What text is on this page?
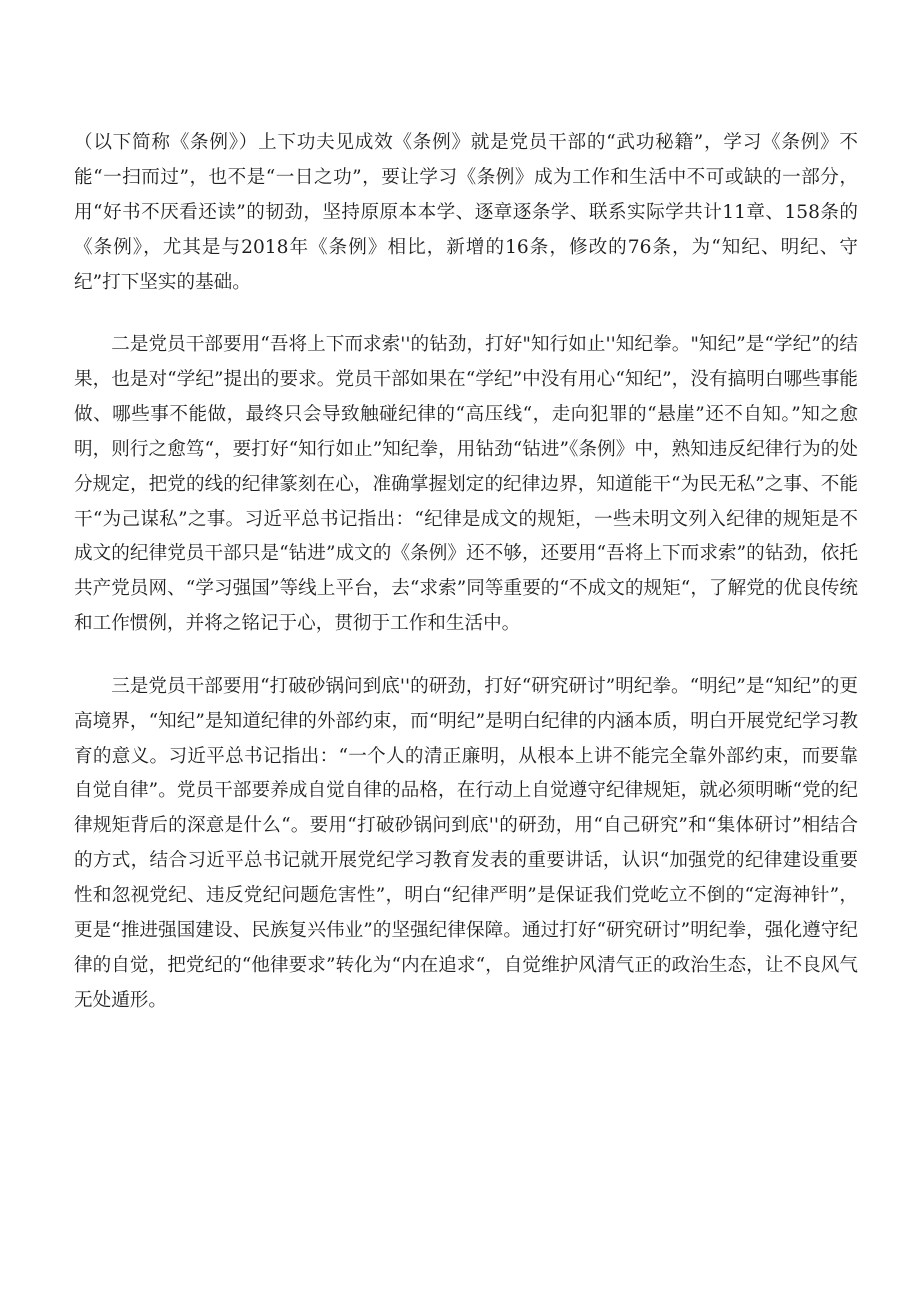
（以下简称《条例》）上下功夫见成效《条例》就是党员干部的“武功秘籍”，学习《条例》不能“一扫而过”，也不是“一日之功”，要让学习《条例》成为工作和生活中不可或缺的一部分，用“好书不厌看还读”的韧劲，坚持原原本本学、逐章逐条学、联系实际学共计11章、158条的《条例》，尤其是与2018年《条例》相比，新增的16条，修改的76条，为“知纪、明纪、守纪”打下坚实的基础。

二是党员干部要用“吾将上下而求索''的钻劲，打好"知行如止''知纪拳。"知纪”是“学纪”的结果，也是对“学纪”提出的要求。党员干部如果在“学纪”中没有用心“知纪”，没有搞明白哪些事能做、哪些事不能做，最终只会导致触碰纪律的“高压线“，走向犯罪的“悬崖”还不自知。”知之愈明，则行之愈笃“，要打好“知行如止”知纪拳，用钻劲“钻进”《条例》中，熟知违反纪律行为的处分规定，把党的线的纪律篆刻在心，准确掌握划定的纪律边界，知道能干“为民无私”之事、不能干“为己谋私”之事。习近平总书记指出：“纪律是成文的规矩，一些未明文列入纪律的规矩是不成文的纪律党员干部只是“钻进”成文的《条例》还不够，还要用“吾将上下而求索”的钻劲，依托共产党员网、“学习强国”等线上平台，去“求索”同等重要的“不成文的规矩“，了解党的优良传统和工作惯例，并将之铭记于心，贯彻于工作和生活中。

三是党员干部要用“打破砂锅问到底''的研劲，打好“研究研讨”明纪拳。“明纪”是“知纪”的更高境界，“知纪”是知道纪律的外部约束，而“明纪”是明白纪律的内涵本质，明白开展党纪学习教育的意义。习近平总书记指出：“一个人的清正廉明，从根本上讲不能完全靠外部约束，而要靠自觉自律”。党员干部要养成自觉自律的品格，在行动上自觉遵守纪律规矩，就必须明晰“党的纪律规矩背后的深意是什么“。要用“打破砂锅问到底''的研劲，用“自己研究”和“集体研讨”相结合的方式，结合习近平总书记就开展党纪学习教育发表的重要讲话，认识“加强党的纪律建设重要性和忽视党纪、违反党纪问题危害性”，明白“纪律严明”是保证我们党屹立不倒的“定海神针”，更是“推进强国建设、民族复兴伟业”的坚强纪律保障。通过打好“研究研讨”明纪拳，强化遵守纪律的自觉，把党纪的“他律要求”转化为“内在追求“，自觉维护风清气正的政治生态，让不良风气无处遁形。
